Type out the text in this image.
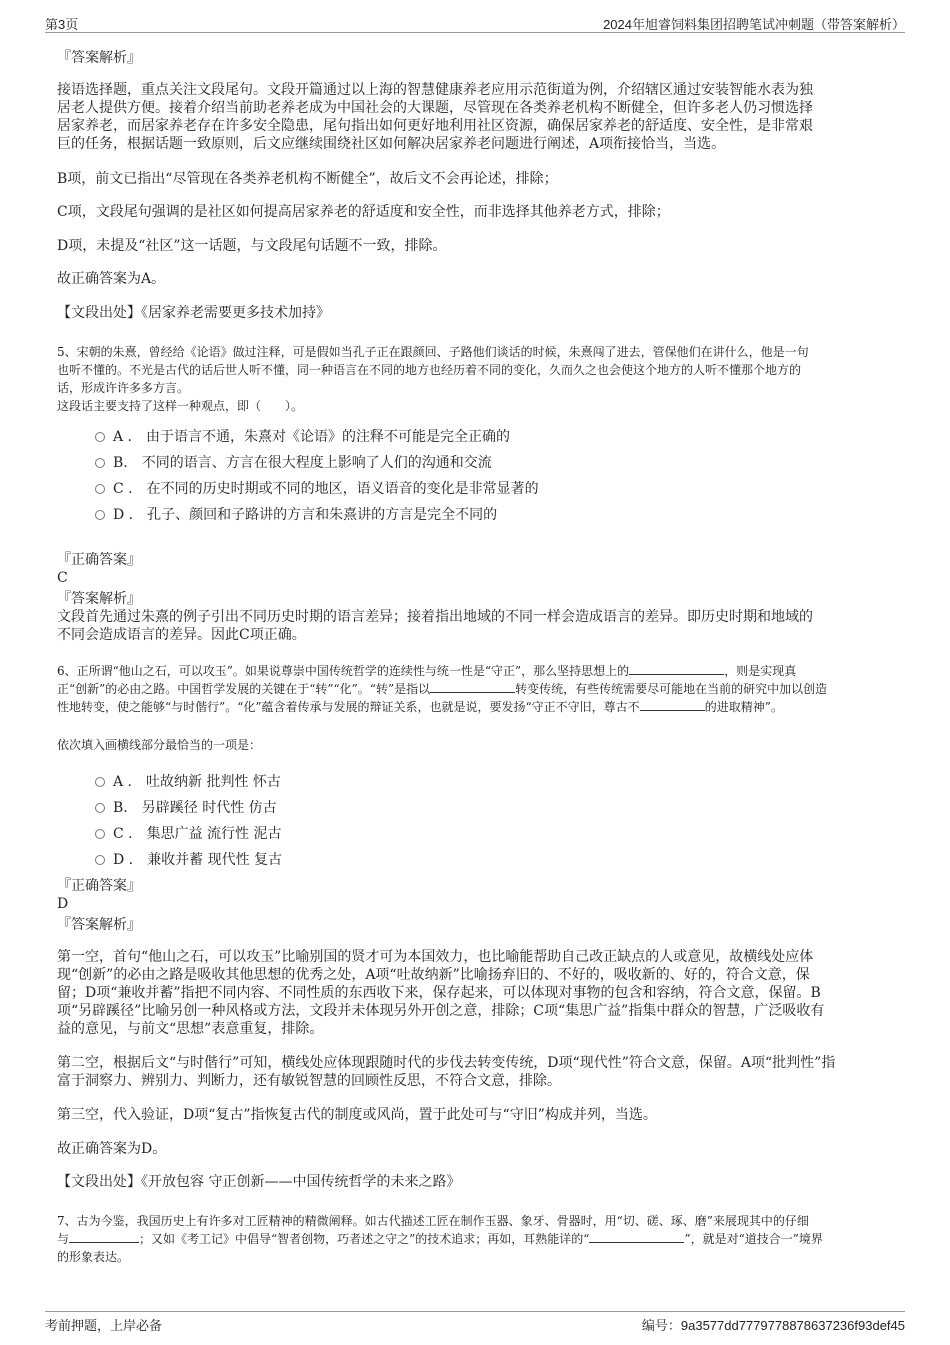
第3页	2024年旭睿饲料集团招聘笔试冲刺题（带答案解析）
『答案解析』
接语选择题，重点关注文段尾句。文段开篇通过以上海的智慧健康养老应用示范街道为例，介绍辖区通过安装智能水表为独
居老人提供方便。接着介绍当前助老养老成为中国社会的大课题，尽管现在各类养老机构不断健全，但许多老人仍习惯选择
居家养老，而居家养老存在许多安全隐患，尾句指出如何更好地利用社区资源，确保居家养老的舒适度、安全性，是非常艰
巨的任务，根据话题一致原则，后文应继续围绕社区如何解决居家养老问题进行阐述，A项衔接恰当，当选。
B项，前文已指出“尽管现在各类养老机构不断健全”，故后文不会再论述，排除；
C项，文段尾句强调的是社区如何提高居家养老的舒适度和安全性，而非选择其他养老方式，排除；
D项，未提及“社区”这一话题，与文段尾句话题不一致，排除。
故正确答案为A。
【文段出处】《居家养老需要更多技术加持》
5、宋朝的朱熹，曾经给《论语》做过注释，可是假如当孔子正在跟颜回、子路他们谈话的时候，朱熹闯了进去，管保他们在讲什么，他是一句
也听不懂的。不光是古代的话后世人听不懂，同一种语言在不同的地方也经历着不同的变化，久而久之也会使这个地方的人听不懂那个地方的
话，形成许许多多方言。
这段话主要支持了这样一种观点，即（　　）。
A .　由于语言不通，朱熹对《论语》的注释不可能是完全正确的
B.　不同的语言、方言在很大程度上影响了人们的沟通和交流
C .　在不同的历史时期或不同的地区，语义语音的变化是非常显著的
D .　孔子、颜回和子路讲的方言和朱熹讲的方言是完全不同的
『正确答案』
C
『答案解析』
文段首先通过朱熹的例子引出不同历史时期的语言差异；接着指出地域的不同一样会造成语言的差异。即历史时期和地域的
不同会造成语言的差异。因此C项正确。
6、正所谓“他山之石，可以攻玉”。如果说尊崇中国传统哲学的连续性与统一性是“守正”，那么坚持思想上的	，则是实现真
正“创新”的必由之路。中国哲学发展的关键在于“转”“化”。“转”是指以	转变传统，有些传统需要尽可能地在当前的研究中加以创造
性地转变，使之能够“与时偕行”。“化”蕴含着传承与发展的辩证关系，也就是说，要发扬“守正不守旧，尊古不	的进取精神”。
依次填入画横线部分最恰当的一项是：
A .　吐故纳新 批判性 怀古
B.　另辟蹊径 时代性 仿古
C .　集思广益 流行性 泥古
D .　兼收并蓄 现代性 复古
『正确答案』
D
『答案解析』
第一空，首句“他山之石，可以攻玉”比喻别国的贤才可为本国效力，也比喻能帮助自己改正缺点的人或意见，故横线处应体
现“创新”的必由之路是吸收其他思想的优秀之处，A项“吐故纳新”比喻扬弃旧的、不好的，吸收新的、好的，符合文意，保
留；D项“兼收并蓄”指把不同内容、不同性质的东西收下来，保存起来，可以体现对事物的包含和容纳，符合文意，保留。B
项“另辟蹊径”比喻另创一种风格或方法，文段并未体现另外开创之意，排除；C项“集思广益”指集中群众的智慧，广泛吸收有
益的意见，与前文“思想”表意重复，排除。
第二空，根据后文“与时偕行”可知，横线处应体现跟随时代的步伐去转变传统，D项“现代性”符合文意，保留。A项“批判性”指
富于洞察力、辨别力、判断力，还有敏锐智慧的回顾性反思，不符合文意，排除。
第三空，代入验证，D项“复古”指恢复古代的制度或风尚，置于此处可与“守旧”构成并列，当选。
故正确答案为D。
【文段出处】《开放包容 守正创新——中国传统哲学的未来之路》
7、古为今鉴，我国历史上有许多对工匠精神的精微阐释。如古代描述工匠在制作玉器、象牙、骨器时，用“切、磋、琢、磨”来展现其中的仔细
与	；又如《考工记》中倡导“智者创物，巧者述之守之”的技术追求；再如，耳熟能详的“	”，就是对“道技合一”境界
的形象表达。
考前押题，上岸必备	编号：9a3577dd7779778878637236f93def45
